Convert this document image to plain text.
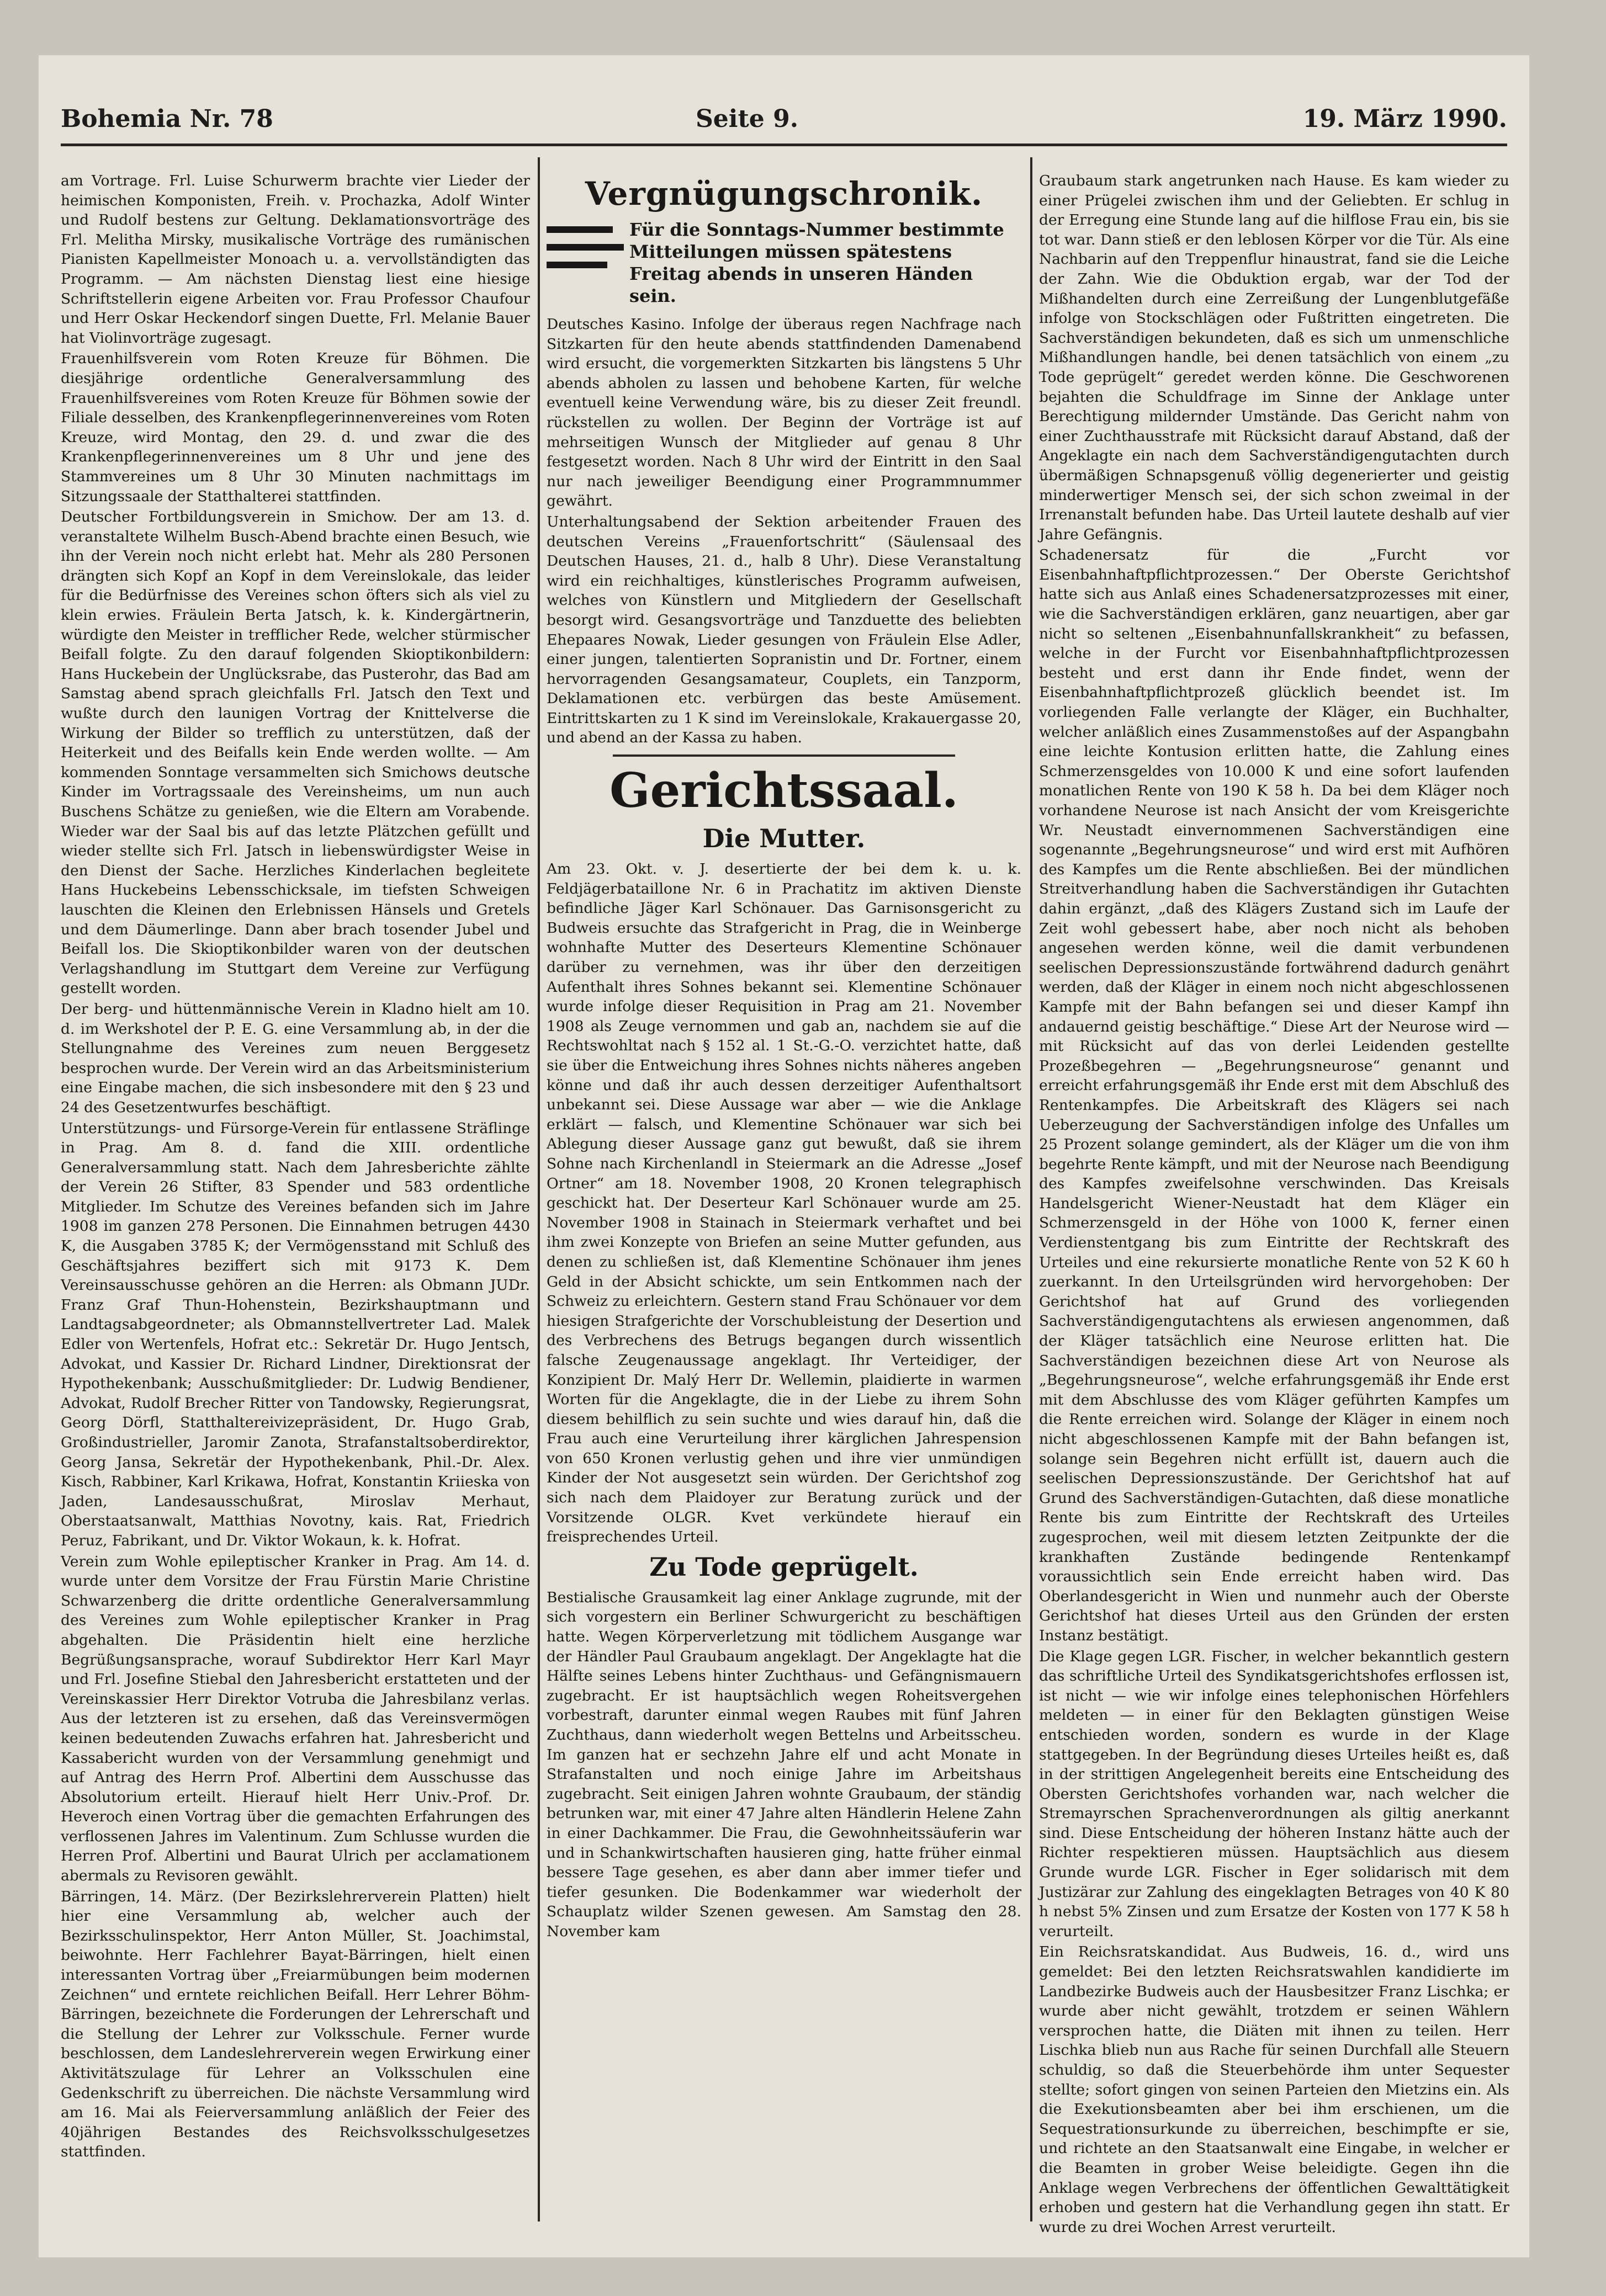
Bohemia Nr. 78	Seite 9.	19. März 1990.

am Vortrage. Frl. Luise Schurwerm brachte vier Lieder der heimischen Komponisten, Freih. v. Prochazka, Adolf Winter und Rudolf bestens zur Geltung. Deklamationsvorträge des Frl. Melitha Mirsky, musikalische Vorträge des rumänischen Pianisten Kapellmeister Monoach u. a. vervollständigten das Programm. — Am nächsten Dienstag liest eine hiesige Schriftstellerin eigene Arbeiten vor. Frau Professor Chaufour und Herr Oskar Heckendorf singen Duette, Frl. Melanie Bauer hat Violinvorträge zugesagt.

Frauenhilfsverein vom Roten Kreuze für Böhmen. Die diesjährige ordentliche Generalversammlung des Frauenhilfsvereines vom Roten Kreuze für Böhmen sowie der Filiale desselben, des Krankenpflegerinnenvereines vom Roten Kreuze, wird Montag, den 29. d. und zwar die des Krankenpflegerinnenvereines um 8 Uhr und jene des Stammvereines um 8 Uhr 30 Minuten nachmittags im Sitzungssaale der Statthalterei stattfinden.

Deutscher Fortbildungsverein in Smichow. Der am 13. d. veranstaltete Wilhelm Busch-Abend brachte einen Besuch, wie ihn der Verein noch nicht erlebt hat. Mehr als 280 Personen drängten sich Kopf an Kopf in dem Vereinslokale, das leider für die Bedürfnisse des Vereines schon öfters sich als viel zu klein erwies. Fräulein Berta Jatsch, k. k. Kindergärtnerin, würdigte den Meister in trefflicher Rede, welcher stürmischer Beifall folgte. Zu den darauf folgenden Skioptikonbildern: Hans Huckebein der Unglücksrabe, das Pusterohr, das Bad am Samstag abend sprach gleichfalls Frl. Jatsch den Text und wußte durch den launigen Vortrag der Knittelverse die Wirkung der Bilder so trefflich zu unterstützen, daß der Heiterkeit und des Beifalls kein Ende werden wollte. — Am kommenden Sonntage versammelten sich Smichows deutsche Kinder im Vortragssaale des Vereinsheims, um nun auch Buschens Schätze zu genießen, wie die Eltern am Vorabende. Wieder war der Saal bis auf das letzte Plätzchen gefüllt und wieder stellte sich Frl. Jatsch in liebenswürdigster Weise in den Dienst der Sache. Herzliches Kinderlachen begleitete Hans Huckebeins Lebensschicksale, im tiefsten Schweigen lauschten die Kleinen den Erlebnissen Hänsels und Gretels und dem Däumerlinge. Dann aber brach tosender Jubel und Beifall los. Die Skioptikonbilder waren von der deutschen Verlagshandlung im Stuttgart dem Vereine zur Verfügung gestellt worden.

Der berg- und hüttenmännische Verein in Kladno hielt am 10. d. im Werkshotel der P. E. G. eine Versammlung ab, in der die Stellungnahme des Vereines zum neuen Berggesetz besprochen wurde. Der Verein wird an das Arbeitsministerium eine Eingabe machen, die sich insbesondere mit den § 23 und 24 des Gesetzentwurfes beschäftigt.

Unterstützungs- und Fürsorge-Verein für entlassene Sträflinge in Prag. Am 8. d. fand die XIII. ordentliche Generalversammlung statt. Nach dem Jahresberichte zählte der Verein 26 Stifter, 83 Spender und 583 ordentliche Mitglieder. Im Schutze des Vereines befanden sich im Jahre 1908 im ganzen 278 Personen. Die Einnahmen betrugen 4430 K, die Ausgaben 3785 K; der Vermögensstand mit Schluß des Geschäftsjahres beziffert sich mit 9173 K. Dem Vereinsausschusse gehören an die Herren: als Obmann JUDr. Franz Graf Thun-Hohenstein, Bezirkshauptmann und Landtagsabgeordneter; als Obmannstellvertreter Lad. Malek Edler von Wertenfels, Hofrat etc.: Sekretär Dr. Hugo Jentsch, Advokat, und Kassier Dr. Richard Lindner, Direktionsrat der Hypothekenbank; Ausschußmitglieder: Dr. Ludwig Bendiener, Advokat, Rudolf Brecher Ritter von Tandowsky, Regierungsrat, Georg Dörfl, Statthaltereivizepräsident, Dr. Hugo Grab, Großindustrieller, Jaromir Zanota, Strafanstaltsoberdirektor, Georg Jansa, Sekretär der Hypothekenbank, Phil.-Dr. Alex. Kisch, Rabbiner, Karl Krikawa, Hofrat, Konstantin Kriieska von Jaden, Landesausschußrat, Miroslav Merhaut, Oberstaatsanwalt, Matthias Novotny, kais. Rat, Friedrich Peruz, Fabrikant, und Dr. Viktor Wokaun, k. k. Hofrat.

Verein zum Wohle epileptischer Kranker in Prag. Am 14. d. wurde unter dem Vorsitze der Frau Fürstin Marie Christine Schwarzenberg die dritte ordentliche Generalversammlung des Vereines zum Wohle epileptischer Kranker in Prag abgehalten. Die Präsidentin hielt eine herzliche Begrüßungsansprache, worauf Subdirektor Herr Karl Mayr und Frl. Josefine Stiebal den Jahresbericht erstatteten und der Vereinskassier Herr Direktor Votruba die Jahresbilanz verlas. Aus der letzteren ist zu ersehen, daß das Vereinsvermögen keinen bedeutenden Zuwachs erfahren hat. Jahresbericht und Kassabericht wurden von der Versammlung genehmigt und auf Antrag des Herrn Prof. Albertini dem Ausschusse das Absolutorium erteilt. Hierauf hielt Herr Univ.-Prof. Dr. Heveroch einen Vortrag über die gemachten Erfahrungen des verflossenen Jahres im Valentinum. Zum Schlusse wurden die Herren Prof. Albertini und Baurat Ulrich per acclamationem abermals zu Revisoren gewählt.

Bärringen, 14. März. (Der Bezirkslehrerverein Platten) hielt hier eine Versammlung ab, welcher auch der Bezirksschulinspektor, Herr Anton Müller, St. Joachimstal, beiwohnte. Herr Fachlehrer Bayat-Bärringen, hielt einen interessanten Vortrag über „Freiarmübungen beim modernen Zeichnen“ und erntete reichlichen Beifall. Herr Lehrer Böhm-Bärringen, bezeichnete die Forderungen der Lehrerschaft und die Stellung der Lehrer zur Volksschule. Ferner wurde beschlossen, dem Landeslehrerverein wegen Erwirkung einer Aktivitätszulage für Lehrer an Volksschulen eine Gedenkschrift zu überreichen. Die nächste Versammlung wird am 16. Mai als Feierversammlung anläßlich der Feier des 40jährigen Bestandes des Reichsvolksschulgesetzes stattfinden.

Vergnügungschronik.
Für die Sonntags-Nummer bestimmte Mitteilungen müssen spätestens Freitag abends in unseren Händen sein.

Deutsches Kasino. Infolge der überaus regen Nachfrage nach Sitzkarten für den heute abends stattfindenden Damenabend wird ersucht, die vorgemerkten Sitzkarten bis längstens 5 Uhr abends abholen zu lassen und behobene Karten, für welche eventuell keine Verwendung wäre, bis zu dieser Zeit freundl. rückstellen zu wollen. Der Beginn der Vorträge ist auf mehrseitigen Wunsch der Mitglieder auf genau 8 Uhr festgesetzt worden. Nach 8 Uhr wird der Eintritt in den Saal nur nach jeweiliger Beendigung einer Programmnummer gewährt.

Unterhaltungsabend der Sektion arbeitender Frauen des deutschen Vereins „Frauenfortschritt“ (Säulensaal des Deutschen Hauses, 21. d., halb 8 Uhr). Diese Veranstaltung wird ein reichhaltiges, künstlerisches Programm aufweisen, welches von Künstlern und Mitgliedern der Gesellschaft besorgt wird. Gesangsvorträge und Tanzduette des beliebten Ehepaares Nowak, Lieder gesungen von Fräulein Else Adler, einer jungen, talentierten Sopranistin und Dr. Fortner, einem hervorragenden Gesangsamateur, Couplets, ein Tanzporm, Deklamationen etc. verbürgen das beste Amüsement. Eintrittskarten zu 1 K sind im Vereinslokale, Krakauergasse 20, und abend an der Kassa zu haben.

Gerichtssaal.
Die Mutter.

Am 23. Okt. v. J. desertierte der bei dem k. u. k. Feldjägerbataillone Nr. 6 in Prachatitz im aktiven Dienste befindliche Jäger Karl Schönauer. Das Garnisonsgericht zu Budweis ersuchte das Strafgericht in Prag, die in Weinberge wohnhafte Mutter des Deserteurs Klementine Schönauer darüber zu vernehmen, was ihr über den derzeitigen Aufenthalt ihres Sohnes bekannt sei. Klementine Schönauer wurde infolge dieser Requisition in Prag am 21. November 1908 als Zeuge vernommen und gab an, nachdem sie auf die Rechtswohltat nach § 152 al. 1 St.-G.-O. verzichtet hatte, daß sie über die Entweichung ihres Sohnes nichts näheres angeben könne und daß ihr auch dessen derzeitiger Aufenthaltsort unbekannt sei. Diese Aussage war aber — wie die Anklage erklärt — falsch, und Klementine Schönauer war sich bei Ablegung dieser Aussage ganz gut bewußt, daß sie ihrem Sohne nach Kirchenlandl in Steiermark an die Adresse „Josef Ortner“ am 18. November 1908, 20 Kronen telegraphisch geschickt hat. Der Deserteur Karl Schönauer wurde am 25. November 1908 in Stainach in Steiermark verhaftet und bei ihm zwei Konzepte von Briefen an seine Mutter gefunden, aus denen zu schließen ist, daß Klementine Schönauer ihm jenes Geld in der Absicht schickte, um sein Entkommen nach der Schweiz zu erleichtern. Gestern stand Frau Schönauer vor dem hiesigen Strafgerichte der Vorschubleistung der Desertion und des Verbrechens des Betrugs begangen durch wissentlich falsche Zeugenaussage angeklagt. Ihr Verteidiger, der Konzipient Dr. Malý Herr Dr. Wellemin, plaidierte in warmen Worten für die Angeklagte, die in der Liebe zu ihrem Sohn diesem behilflich zu sein suchte und wies darauf hin, daß die Frau auch eine Verurteilung ihrer kärglichen Jahrespension von 650 Kronen verlustig gehen und ihre vier unmündigen Kinder der Not ausgesetzt sein würden. Der Gerichtshof zog sich nach dem Plaidoyer zur Beratung zurück und der Vorsitzende OLGR. Kvet verkündete hierauf ein freisprechendes Urteil.

Zu Tode geprügelt.

Bestialische Grausamkeit lag einer Anklage zugrunde, mit der sich vorgestern ein Berliner Schwurgericht zu beschäftigen hatte. Wegen Körperverletzung mit tödlichem Ausgange war der Händler Paul Graubaum angeklagt. Der Angeklagte hat die Hälfte seines Lebens hinter Zuchthaus- und Gefängnismauern zugebracht. Er ist hauptsächlich wegen Roheitsvergehen vorbestraft, darunter einmal wegen Raubes mit fünf Jahren Zuchthaus, dann wiederholt wegen Bettelns und Arbeitsscheu. Im ganzen hat er sechzehn Jahre elf und acht Monate in Strafanstalten und noch einige Jahre im Arbeitshaus zugebracht. Seit einigen Jahren wohnte Graubaum, der ständig betrunken war, mit einer 47 Jahre alten Händlerin Helene Zahn in einer Dachkammer. Die Frau, die Gewohnheitssäuferin war und in Schankwirtschaften hausieren ging, hatte früher einmal bessere Tage gesehen, es aber dann aber immer tiefer und tiefer gesunken. Die Bodenkammer war wiederholt der Schauplatz wilder Szenen gewesen. Am Samstag den 28. November kam

Graubaum stark angetrunken nach Hause. Es kam wieder zu einer Prügelei zwischen ihm und der Geliebten. Er schlug in der Erregung eine Stunde lang auf die hilflose Frau ein, bis sie tot war. Dann stieß er den leblosen Körper vor die Tür. Als eine Nachbarin auf den Treppenflur hinaustrat, fand sie die Leiche der Zahn. Wie die Obduktion ergab, war der Tod der Mißhandelten durch eine Zerreißung der Lungenblutgefäße infolge von Stockschlägen oder Fußtritten eingetreten. Die Sachverständigen bekundeten, daß es sich um unmenschliche Mißhandlungen handle, bei denen tatsächlich von einem „zu Tode geprügelt“ geredet werden könne. Die Geschworenen bejahten die Schuldfrage im Sinne der Anklage unter Berechtigung mildernder Umstände. Das Gericht nahm von einer Zuchthausstrafe mit Rücksicht darauf Abstand, daß der Angeklagte ein nach dem Sachverständigengutachten durch übermäßigen Schnapsgenuß völlig degenerierter und geistig minderwertiger Mensch sei, der sich schon zweimal in der Irrenanstalt befunden habe. Das Urteil lautete deshalb auf vier Jahre Gefängnis.

Schadenersatz für die „Furcht vor Eisenbahnhaftpflichtprozessen.“ Der Oberste Gerichtshof hatte sich aus Anlaß eines Schadenersatzprozesses mit einer, wie die Sachverständigen erklären, ganz neuartigen, aber gar nicht so seltenen „Eisenbahnunfallskrankheit“ zu befassen, welche in der Furcht vor Eisenbahnhaftpflichtprozessen besteht und erst dann ihr Ende findet, wenn der Eisenbahnhaftpflichtprozeß glücklich beendet ist. Im vorliegenden Falle verlangte der Kläger, ein Buchhalter, welcher anläßlich eines Zusammenstoßes auf der Aspangbahn eine leichte Kontusion erlitten hatte, die Zahlung eines Schmerzensgeldes von 10.000 K und eine sofort laufenden monatlichen Rente von 190 K 58 h. Da bei dem Kläger noch vorhandene Neurose ist nach Ansicht der vom Kreisgerichte Wr. Neustadt einvernommenen Sachverständigen eine sogenannte „Begehrungsneurose“ und wird erst mit Aufhören des Kampfes um die Rente abschließen. Bei der mündlichen Streitverhandlung haben die Sachverständigen ihr Gutachten dahin ergänzt, „daß des Klägers Zustand sich im Laufe der Zeit wohl gebessert habe, aber noch nicht als behoben angesehen werden könne, weil die damit verbundenen seelischen Depressionszustände fortwährend dadurch genährt werden, daß der Kläger in einem noch nicht abgeschlossenen Kampfe mit der Bahn befangen sei und dieser Kampf ihn andauernd geistig beschäftige.“ Diese Art der Neurose wird — mit Rücksicht auf das von derlei Leidenden gestellte Prozeßbegehren — „Begehrungsneurose“ genannt und erreicht erfahrungsgemäß ihr Ende erst mit dem Abschluß des Rentenkampfes. Die Arbeitskraft des Klägers sei nach Ueberzeugung der Sachverständigen infolge des Unfalles um 25 Prozent solange gemindert, als der Kläger um die von ihm begehrte Rente kämpft, und mit der Neurose nach Beendigung des Kampfes zweifelsohne verschwinden. Das Kreisals Handelsgericht Wiener-Neustadt hat dem Kläger ein Schmerzensgeld in der Höhe von 1000 K, ferner einen Verdienstentgang bis zum Eintritte der Rechtskraft des Urteiles und eine rekursierte monatliche Rente von 52 K 60 h zuerkannt. In den Urteilsgründen wird hervorgehoben: Der Gerichtshof hat auf Grund des vorliegenden Sachverständigengutachtens als erwiesen angenommen, daß der Kläger tatsächlich eine Neurose erlitten hat. Die Sachverständigen bezeichnen diese Art von Neurose als „Begehrungsneurose“, welche erfahrungsgemäß ihr Ende erst mit dem Abschlusse des vom Kläger geführten Kampfes um die Rente erreichen wird. Solange der Kläger in einem noch nicht abgeschlossenen Kampfe mit der Bahn befangen ist, solange sein Begehren nicht erfüllt ist, dauern auch die seelischen Depressionszustände. Der Gerichtshof hat auf Grund des Sachverständigen-Gutachten, daß diese monatliche Rente bis zum Eintritte der Rechtskraft des Urteiles zugesprochen, weil mit diesem letzten Zeitpunkte der die krankhaften Zustände bedingende Rentenkampf voraussichtlich sein Ende erreicht haben wird. Das Oberlandesgericht in Wien und nunmehr auch der Oberste Gerichtshof hat dieses Urteil aus den Gründen der ersten Instanz bestätigt.

Die Klage gegen LGR. Fischer, in welcher bekanntlich gestern das schriftliche Urteil des Syndikatsgerichtshofes erflossen ist, ist nicht — wie wir infolge eines telephonischen Hörfehlers meldeten — in einer für den Beklagten günstigen Weise entschieden worden, sondern es wurde in der Klage stattgegeben. In der Begründung dieses Urteiles heißt es, daß in der strittigen Angelegenheit bereits eine Entscheidung des Obersten Gerichtshofes vorhanden war, nach welcher die Stremayrschen Sprachenverordnungen als giltig anerkannt sind. Diese Entscheidung der höheren Instanz hätte auch der Richter respektieren müssen. Hauptsächlich aus diesem Grunde wurde LGR. Fischer in Eger solidarisch mit dem Justizärar zur Zahlung des eingeklagten Betrages von 40 K 80 h nebst 5% Zinsen und zum Ersatze der Kosten von 177 K 58 h verurteilt.

Ein Reichsratskandidat. Aus Budweis, 16. d., wird uns gemeldet: Bei den letzten Reichsratswahlen kandidierte im Landbezirke Budweis auch der Hausbesitzer Franz Lischka; er wurde aber nicht gewählt, trotzdem er seinen Wählern versprochen hatte, die Diäten mit ihnen zu teilen. Herr Lischka blieb nun aus Rache für seinen Durchfall alle Steuern schuldig, so daß die Steuerbehörde ihm unter Sequester stellte; sofort gingen von seinen Parteien den Mietzins ein. Als die Exekutionsbeamten aber bei ihm erschienen, um die Sequestrationsurkunde zu überreichen, beschimpfte er sie, und richtete an den Staatsanwalt eine Eingabe, in welcher er die Beamten in grober Weise beleidigte. Gegen ihn die Anklage wegen Verbrechens der öffentlichen Gewalttätigkeit erhoben und gestern hat die Verhandlung gegen ihn statt. Er wurde zu drei Wochen Arrest verurteilt.
